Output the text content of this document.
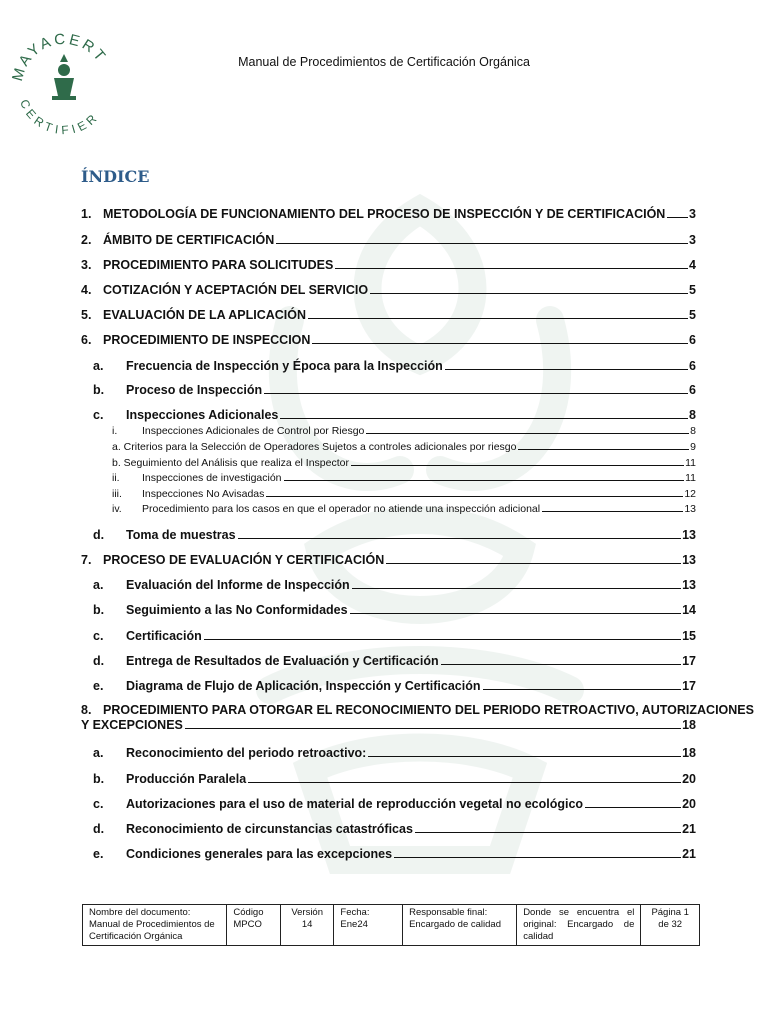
MAYACERT
CERTIFIER
Manual de Procedimientos de Certificación Orgánica
ÍNDICE
1. METODOLOGÍA DE FUNCIONAMIENTO DEL PROCESO DE INSPECCIÓN Y DE CERTIFICACIÓN 3
2. ÁMBITO DE CERTIFICACIÓN	3
3. PROCEDIMIENTO PARA SOLICITUDES	4
4. COTIZACIÓN Y ACEPTACIÓN DEL SERVICIO	5
5. EVALUACIÓN DE LA APLICACIÓN	5
6. PROCEDIMIENTO DE INSPECCION	6
a.	Frecuencia de Inspección y Época para la Inspección	6
b.	Proceso de Inspección	6
c.	Inspecciones Adicionales	8
i.	Inspecciones Adicionales de Control por Riesgo	8
a. Criterios para la Selección de Operadores Sujetos a controles adicionales por riesgo	9
b. Seguimiento del Análisis que realiza el Inspector	11
ii.	Inspecciones de investigación	11
iii.	Inspecciones No Avisadas	12
iv.	Procedimiento para los casos en que el operador no atiende una inspección adicional	13
d.	Toma de muestras	13
7. PROCESO DE EVALUACIÓN Y CERTIFICACIÓN	13
a.	Evaluación del Informe de Inspección	13
b.	Seguimiento a las No Conformidades	14
c.	Certificación	15
d.	Entrega de Resultados de Evaluación y Certificación	17
e.	Diagrama de Flujo de Aplicación, Inspección y Certificación	17
8. PROCEDIMIENTO PARA OTORGAR EL RECONOCIMIENTO DEL PERIODO RETROACTIVO, AUTORIZACIONES
Y EXCEPCIONES	18
a.	Reconocimiento del periodo retroactivo:	18
b.	Producción Paralela	20
c.	Autorizaciones para el uso de material de reproducción vegetal no ecológico	20
d.	Reconocimiento de circunstancias catastróficas	21
e.	Condiciones generales para las excepciones	21
Nombre del documento: Manual de Procedimientos de Certificación Orgánica	Código MPCO	Versión 14	Fecha: Ene24	Responsable final: Encargado de calidad	Donde se encuentra el original: Encargado de calidad	Página 1 de 32
